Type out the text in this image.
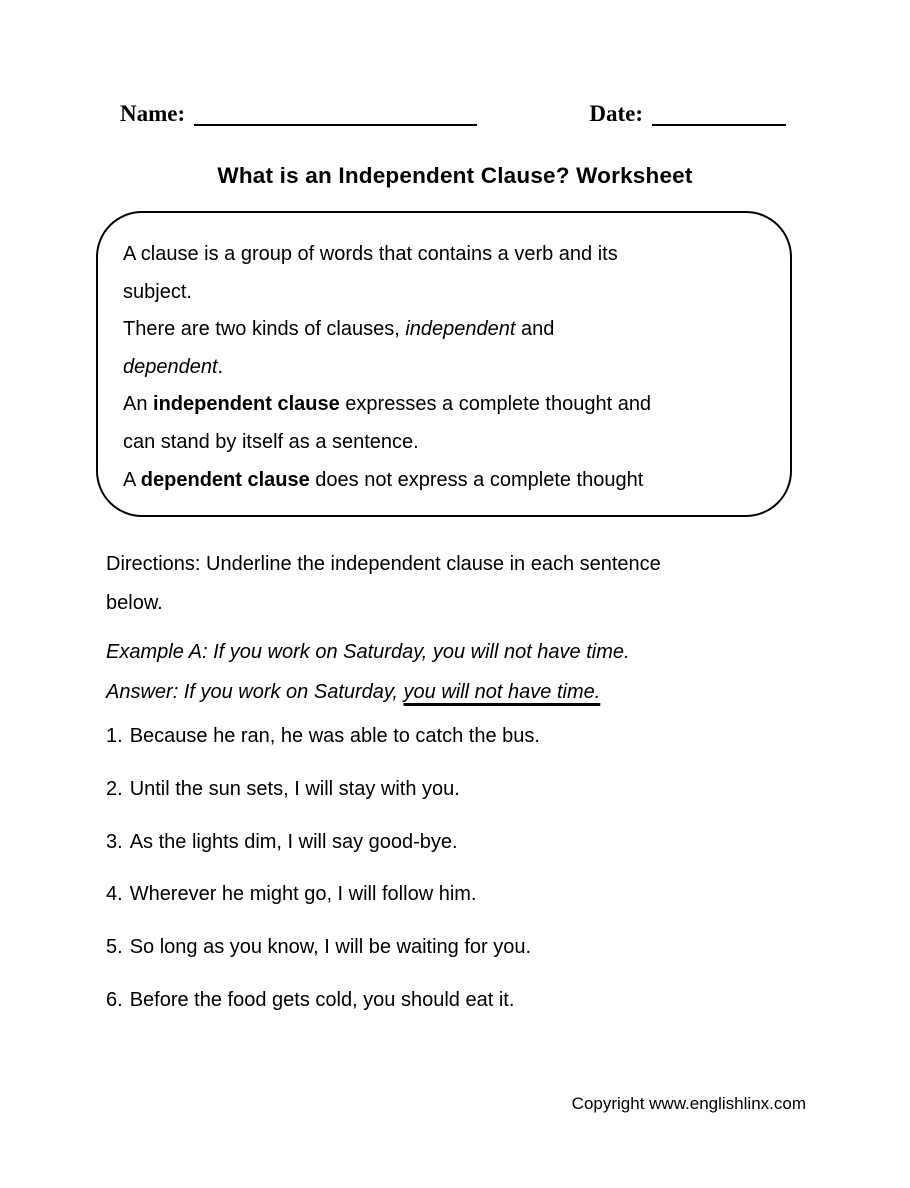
Name:	Date:
What is an Independent Clause? Worksheet
A clause is a group of words that contains a verb and its
subject.
There are two kinds of clauses, independent and
dependent.
An independent clause expresses a complete thought and
can stand by itself as a sentence.
A dependent clause does not express a complete thought
Directions: Underline the independent clause in each sentence
below.
Example A: If you work on Saturday, you will not have time.
Answer: If you work on Saturday, you will not have time.
1. Because he ran, he was able to catch the bus.
2. Until the sun sets, I will stay with you.
3. As the lights dim, I will say good-bye.
4. Wherever he might go, I will follow him.
5. So long as you know, I will be waiting for you.
6. Before the food gets cold, you should eat it.
Copyright www.englishlinx.com
